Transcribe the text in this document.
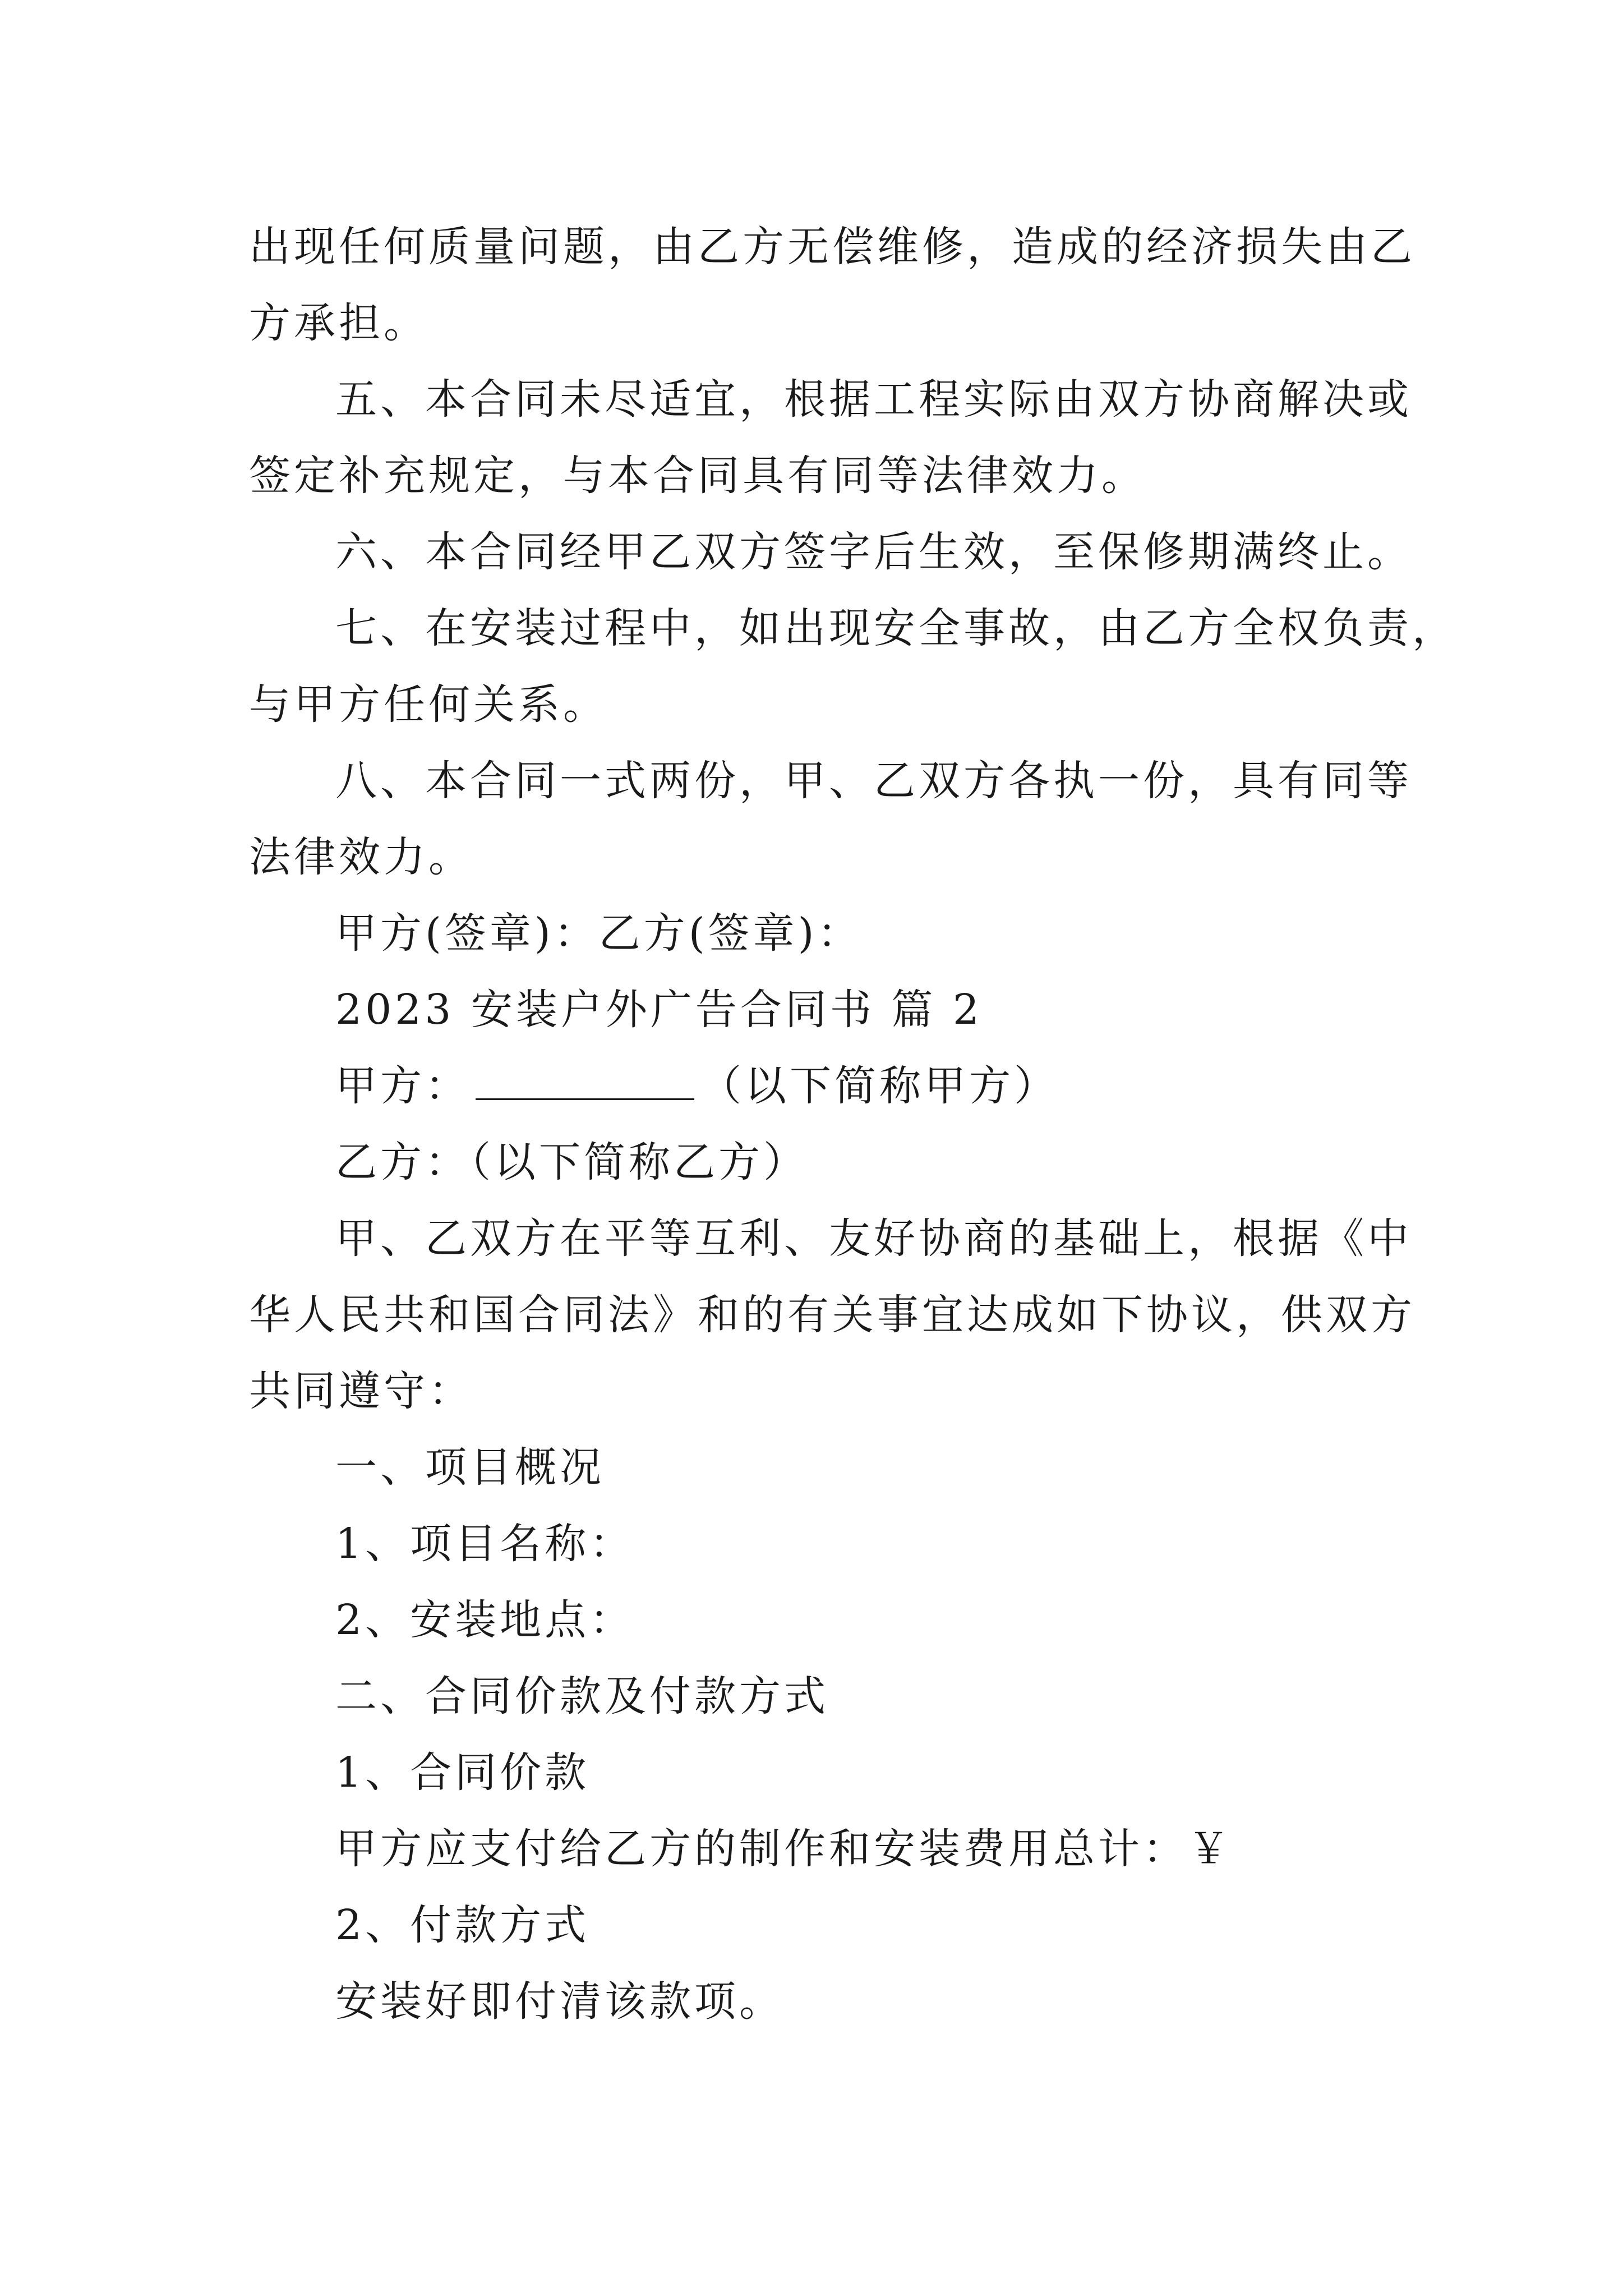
出现任何质量问题，由乙方无偿维修，造成的经济损失由乙
方承担。
五、本合同未尽适宜，根据工程实际由双方协商解决或
签定补充规定，与本合同具有同等法律效力。
六、本合同经甲乙双方签字后生效，至保修期满终止。
七、在安装过程中，如出现安全事故，由乙方全权负责，
与甲方任何关系。
八、本合同一式两份，甲、乙双方各执一份，具有同等
法律效力。
甲方(签章)：乙方(签章)：
2023 安装户外广告合同书 篇 2
甲方：	（以下简称甲方）
乙方：（以下简称乙方）
甲、乙双方在平等互利、友好协商的基础上，根据《中
华人民共和国合同法》和的有关事宜达成如下协议，供双方
共同遵守：
一、项目概况
1、项目名称：
2、安装地点：
二、合同价款及付款方式
1、合同价款
甲方应支付给乙方的制作和安装费用总计：￥
2、付款方式
安装好即付清该款项。
